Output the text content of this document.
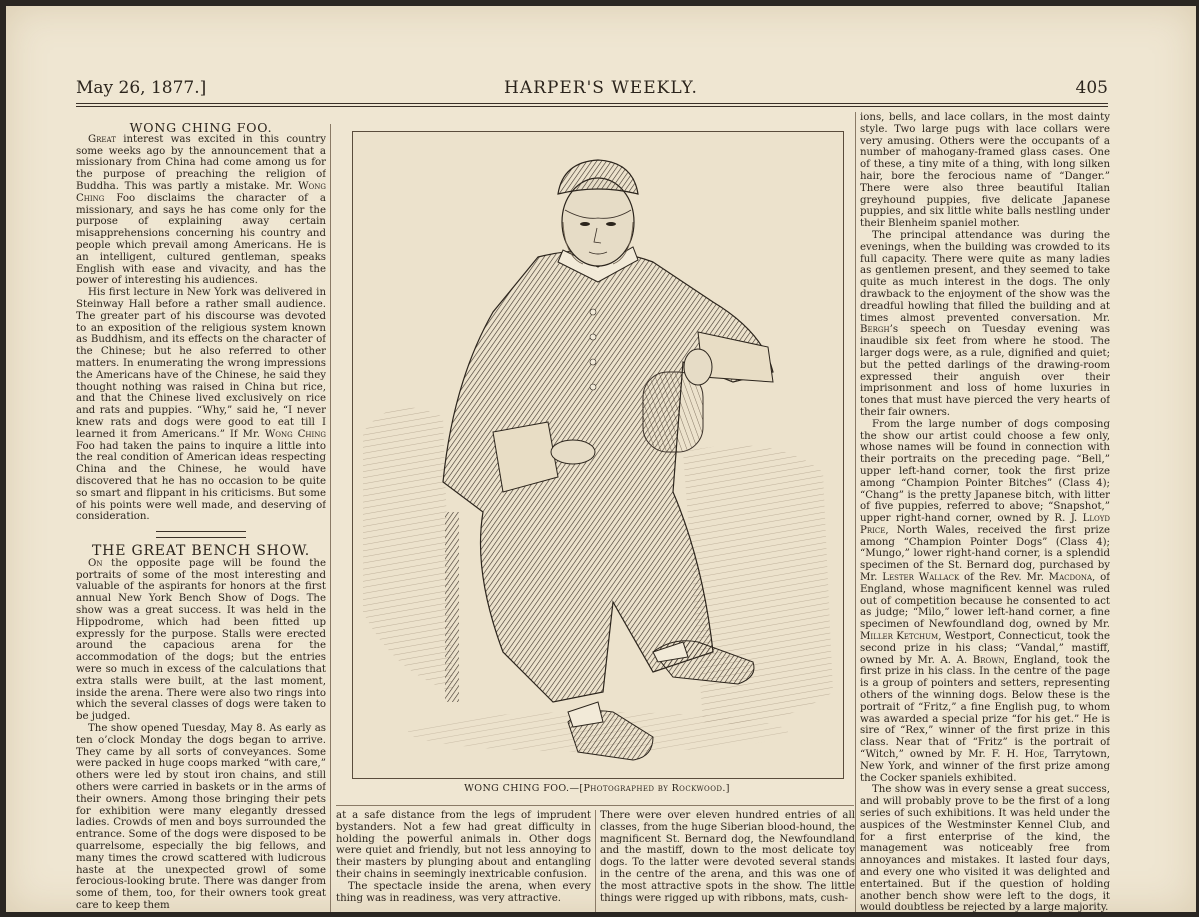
May 26, 1877.]	HARPER'S WEEKLY.	405

WONG CHING FOO.

Great interest was excited in this country some weeks ago by the announcement that a missionary from China had come among us for the purpose of preaching the religion of Buddha. This was partly a mistake. Mr. Wong Ching Foo disclaims the character of a missionary, and says he has come only for the purpose of explaining away certain misapprehensions concerning his country and people which prevail among Americans. He is an intelligent, cultured gentleman, speaks English with ease and vivacity, and has the power of interesting his audiences.

His first lecture in New York was delivered in Steinway Hall before a rather small audience. The greater part of his discourse was devoted to an exposition of the religious system known as Buddhism, and its effects on the character of the Chinese; but he also referred to other matters. In enumerating the wrong impressions the Americans have of the Chinese, he said they thought nothing was raised in China but rice, and that the Chinese lived exclusively on rice and rats and puppies. “Why,” said he, “I never knew rats and dogs were good to eat till I learned it from Americans.” If Mr. Wong Ching Foo had taken the pains to inquire a little into the real condition of American ideas respecting China and the Chinese, he would have discovered that he has no occasion to be quite so smart and flippant in his criticisms. But some of his points were well made, and deserving of consideration.

THE GREAT BENCH SHOW.

On the opposite page will be found the portraits of some of the most interesting and valuable of the aspirants for honors at the first annual New York Bench Show of Dogs. The show was a great success. It was held in the Hippodrome, which had been fitted up expressly for the purpose. Stalls were erected around the capacious arena for the accommodation of the dogs; but the entries were so much in excess of the calculations that extra stalls were built, at the last moment, inside the arena. There were also two rings into which the several classes of dogs were taken to be judged.

The show opened Tuesday, May 8. As early as ten o’clock Monday the dogs began to arrive. They came by all sorts of conveyances. Some were packed in huge coops marked “with care,” others were led by stout iron chains, and still others were carried in baskets or in the arms of their owners. Among those bringing their pets for exhibition were many elegantly dressed ladies. Crowds of men and boys surrounded the entrance. Some of the dogs were disposed to be quarrelsome, especially the big fellows, and many times the crowd scattered with ludicrous haste at the unexpected growl of some ferocious-looking brute. There was danger from some of them, too, for their owners took great care to keep them

WONG CHING FOO.—[Photographed by Rockwood.]

at a safe distance from the legs of imprudent bystanders. Not a few had great difficulty in holding the powerful animals in. Other dogs were quiet and friendly, but not less annoying to their masters by plunging about and entangling their chains in seemingly inextricable confusion.

The spectacle inside the arena, when every thing was in readiness, was very attractive.

There were over eleven hundred entries of all classes, from the huge Siberian blood-hound, the magnificent St. Bernard dog, the Newfoundland and the mastiff, down to the most delicate toy dogs. To the latter were devoted several stands in the centre of the arena, and this was one of the most attractive spots in the show. The little things were rigged up with ribbons, mats, cush-

ions, bells, and lace collars, in the most dainty style. Two large pugs with lace collars were very amusing. Others were the occupants of a number of mahogany-framed glass cases. One of these, a tiny mite of a thing, with long silken hair, bore the ferocious name of “Danger.” There were also three beautiful Italian greyhound puppies, five delicate Japanese puppies, and six little white balls nestling under their Blenheim spaniel mother.

The principal attendance was during the evenings, when the building was crowded to its full capacity. There were quite as many ladies as gentlemen present, and they seemed to take quite as much interest in the dogs. The only drawback to the enjoyment of the show was the dreadful howling that filled the building and at times almost prevented conversation. Mr. Bergh’s speech on Tuesday evening was inaudible six feet from where he stood. The larger dogs were, as a rule, dignified and quiet; but the petted darlings of the drawing-room expressed their anguish over their imprisonment and loss of home luxuries in tones that must have pierced the very hearts of their fair owners.

From the large number of dogs composing the show our artist could choose a few only, whose names will be found in connection with their portraits on the preceding page. “Bell,” upper left-hand corner, took the first prize among “Champion Pointer Bitches” (Class 4); “Chang” is the pretty Japanese bitch, with litter of five puppies, referred to above; “Snapshot,” upper right-hand corner, owned by R. J. Lloyd Price, North Wales, received the first prize among “Champion Pointer Dogs” (Class 4); “Mungo,” lower right-hand corner, is a splendid specimen of the St. Bernard dog, purchased by Mr. Lester Wallack of the Rev. Mr. Macdona, of England, whose magnificent kennel was ruled out of competition because he consented to act as judge; “Milo,” lower left-hand corner, a fine specimen of Newfoundland dog, owned by Mr. Miller Ketchum, Westport, Connecticut, took the second prize in his class; “Vandal,” mastiff, owned by Mr. A. A. Brown, England, took the first prize in his class. In the centre of the page is a group of pointers and setters, representing others of the winning dogs. Below these is the portrait of “Fritz,” a fine English pug, to whom was awarded a special prize “for his get.” He is sire of “Rex,” winner of the first prize in this class. Near that of “Fritz” is the portrait of “Witch,” owned by Mr. F. H. Hoe, Tarrytown, New York, and winner of the first prize among the Cocker spaniels exhibited.

The show was in every sense a great success, and will probably prove to be the first of a long series of such exhibitions. It was held under the auspices of the Westminster Kennel Club, and for a first enterprise of the kind, the management was noticeably free from annoyances and mistakes. It lasted four days, and every one who visited it was delighted and entertained. But if the question of holding another bench show were left to the dogs, it would doubtless be rejected by a large majority.
